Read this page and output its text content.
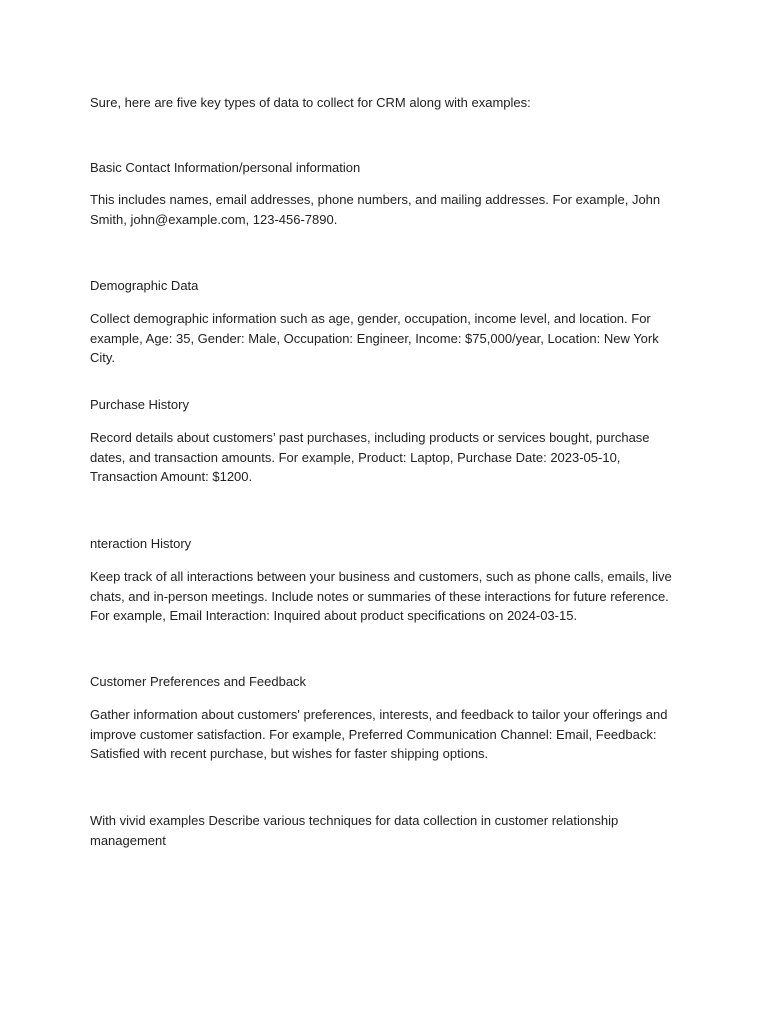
Sure, here are five key types of data to collect for CRM along with examples:

Basic Contact Information/personal information

This includes names, email addresses, phone numbers, and mailing addresses. For example, John Smith, john@example.com, 123-456-7890.

Demographic Data

Collect demographic information such as age, gender, occupation, income level, and location. For example, Age: 35, Gender: Male, Occupation: Engineer, Income: $75,000/year, Location: New York City.

Purchase History

Record details about customers’ past purchases, including products or services bought, purchase dates, and transaction amounts. For example, Product: Laptop, Purchase Date: 2023-05-10, Transaction Amount: $1200.

nteraction History

Keep track of all interactions between your business and customers, such as phone calls, emails, live chats, and in-person meetings. Include notes or summaries of these interactions for future reference. For example, Email Interaction: Inquired about product specifications on 2024-03-15.

Customer Preferences and Feedback

Gather information about customers' preferences, interests, and feedback to tailor your offerings and improve customer satisfaction. For example, Preferred Communication Channel: Email, Feedback: Satisfied with recent purchase, but wishes for faster shipping options.

With vivid examples Describe various techniques for data collection in customer relationship management
